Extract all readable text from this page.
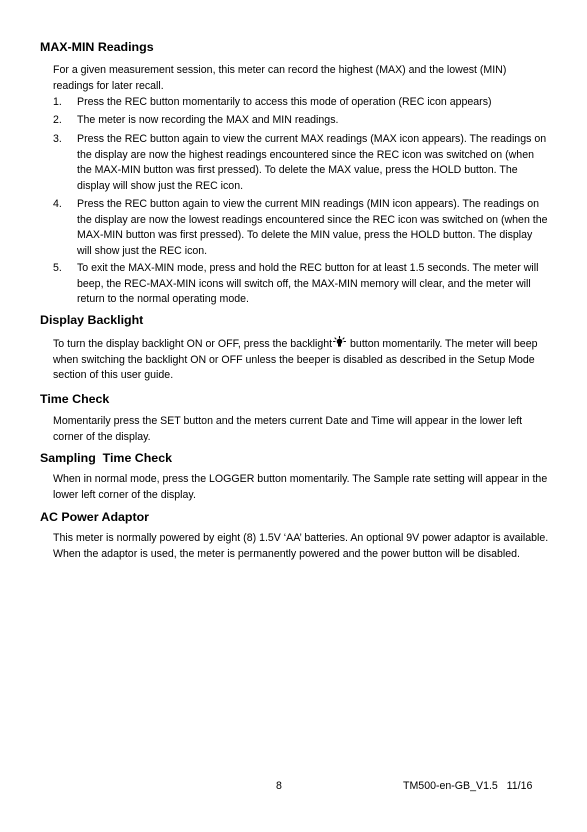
MAX-MIN Readings

For a given measurement session, this meter can record the highest (MAX) and the lowest (MIN) readings for later recall.

1. Press the REC button momentarily to access this mode of operation (REC icon appears)

2. The meter is now recording the MAX and MIN readings.

3. Press the REC button again to view the current MAX readings (MAX icon appears). The readings on the display are now the highest readings encountered since the REC icon was switched on (when the MAX-MIN button was first pressed). To delete the MAX value, press the HOLD button. The display will show just the REC icon.

4. Press the REC button again to view the current MIN readings (MIN icon appears). The readings on the display are now the lowest readings encountered since the REC icon was switched on (when the MAX-MIN button was first pressed). To delete the MIN value, press the HOLD button. The display will show just the REC icon.

5. To exit the MAX-MIN mode, press and hold the REC button for at least 1.5 seconds. The meter will beep, the REC-MAX-MIN icons will switch off, the MAX-MIN memory will clear, and the meter will return to the normal operating mode.

Display Backlight

To turn the display backlight ON or OFF, press the backlight button momentarily. The meter will beep when switching the backlight ON or OFF unless the beeper is disabled as described in the Setup Mode section of this user guide.

Time Check

Momentarily press the SET button and the meters current Date and Time will appear in the lower left corner of the display.

Sampling  Time Check

When in normal mode, press the LOGGER button momentarily. The Sample rate setting will appear in the lower left corner of the display.

AC Power Adaptor

This meter is normally powered by eight (8) 1.5V ‘AA’ batteries. An optional 9V power adaptor is available. When the adaptor is used, the meter is permanently powered and the power button will be disabled.

8	TM500-en-GB_V1.5   11/16
